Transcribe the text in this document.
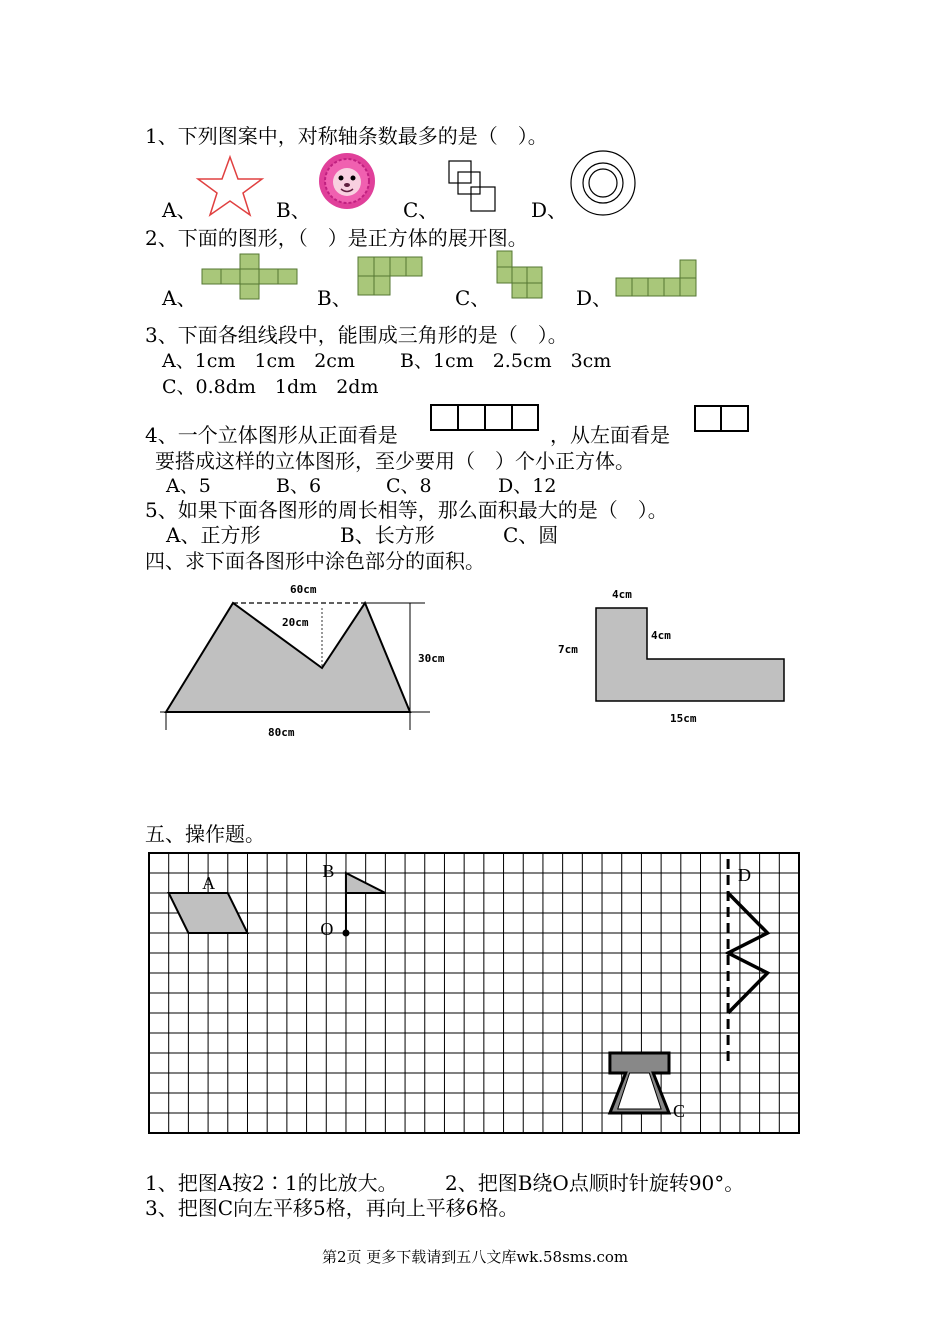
1、下列图案中，对称轴条数最多的是（　）。
A、	B、	C、	D、
2、下面的图形，（　）是正方体的展开图。
A、	B、	C、	D、
3、下面各组线段中，能围成三角形的是（　）。
A、1cm　1cm　2cm B、1cm　2.5cm　3cm
C、0.8dm　1dm　2dm
4、一个立体图形从正面看是	，从左面看是
要搭成这样的立体图形，至少要用（　）个小正方体。
A、5	B、6	C、8	D、12
5、如果下面各图形的周长相等，那么面积最大的是（　）。
A、正方形	B、长方形	C、圆
四、求下面各图形中涂色部分的面积。
60cm
20cm
30cm
80cm
4cm
4cm
7cm
15cm
五、操作题。
A
B
O
C
D
1、把图A按2∶1的比放大。 2、把图B绕O点顺时针旋转90°。
3、把图C向左平移5格，再向上平移6格。
第2页 更多下载请到五八文库wk.58sms.com
